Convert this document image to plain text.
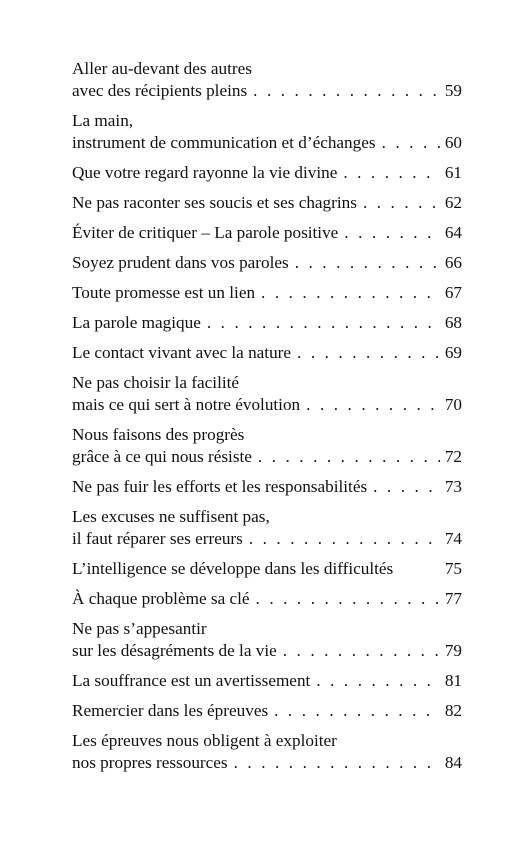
Aller au-devant des autres
avec des récipients pleins . . .	59
La main,
instrument de communication et d’échanges . . .	60
Que votre regard rayonne la vie divine . . .	61
Ne pas raconter ses soucis et ses chagrins . . .	62
Éviter de critiquer – La parole positive . . .	64
Soyez prudent dans vos paroles . . .	66
Toute promesse est un lien . . .	67
La parole magique . . .	68
Le contact vivant avec la nature . . .	69
Ne pas choisir la facilité
mais ce qui sert à notre évolution . . .	70
Nous faisons des progrès
grâce à ce qui nous résiste . . .	72
Ne pas fuir les efforts et les responsabilités . . .	73
Les excuses ne suffisent pas,
il faut réparer ses erreurs . . .	74
L’intelligence se développe dans les difficultés	75
À chaque problème sa clé . . .	77
Ne pas s’appesantir
sur les désagréments de la vie . . .	79
La souffrance est un avertissement . . .	81
Remercier dans les épreuves . . .	82
Les épreuves nous obligent à exploiter
nos propres ressources . . .	84
